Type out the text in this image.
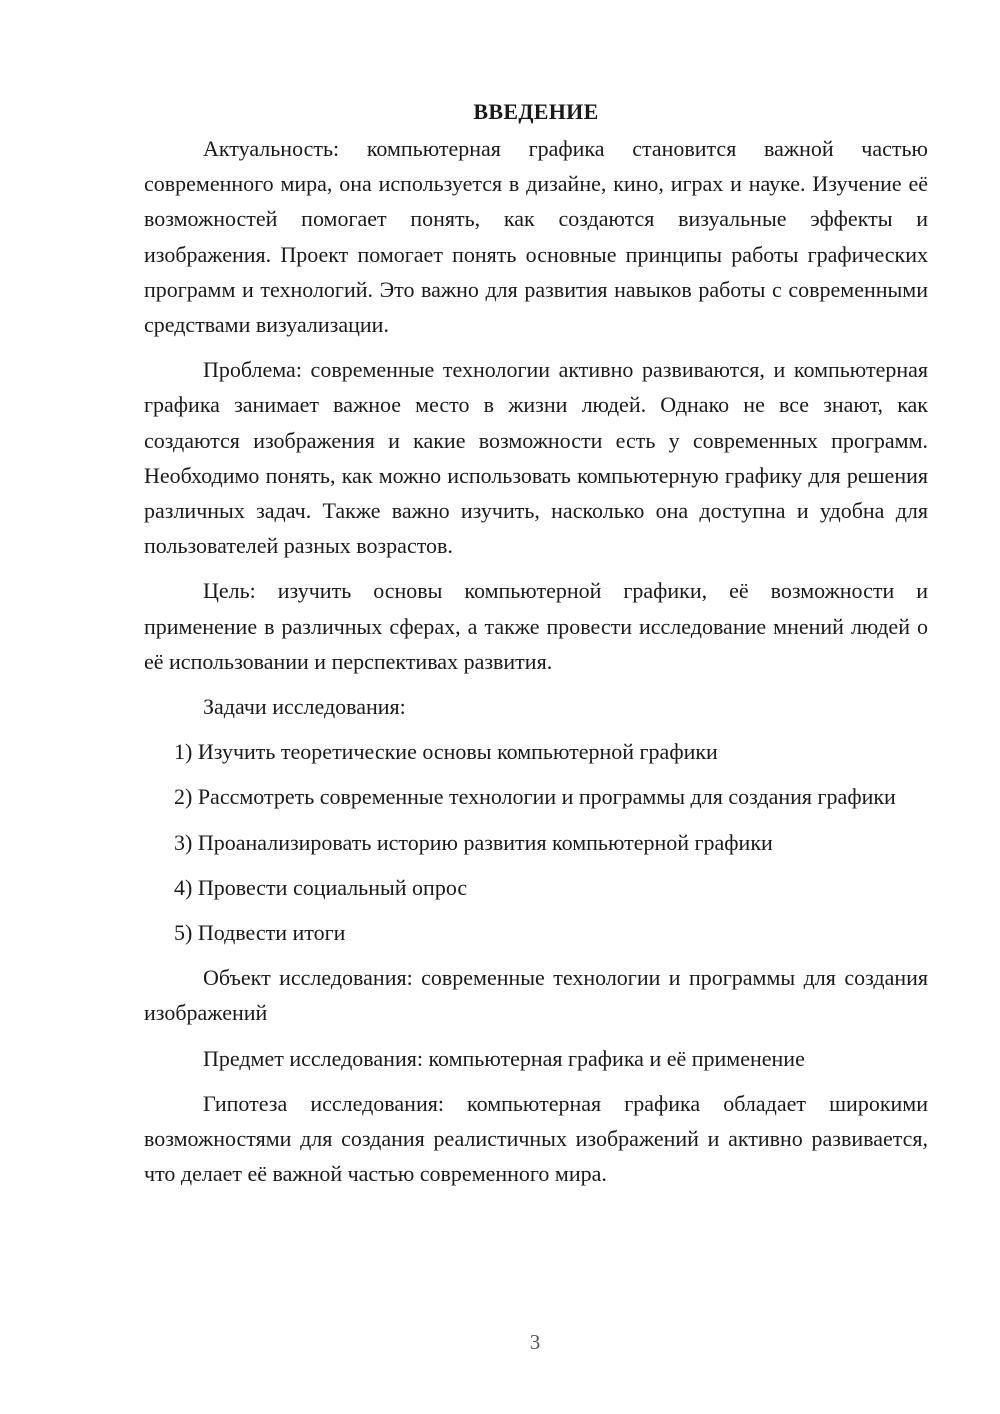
ВВЕДЕНИЕ

Актуальность: компьютерная графика становится важной частью современного мира, она используется в дизайне, кино, играх и науке. Изучение её возможностей помогает понять, как создаются визуальные эффекты и изображения. Проект помогает понять основные принципы работы графических программ и технологий. Это важно для развития навыков работы с современными средствами визуализации.

Проблема: современные технологии активно развиваются, и компьютерная графика занимает важное место в жизни людей. Однако не все знают, как создаются изображения и какие возможности есть у современных программ. Необходимо понять, как можно использовать компьютерную графику для решения различных задач. Также важно изучить, насколько она доступна и удобна для пользователей разных возрастов.

Цель: изучить основы компьютерной графики, её возможности и применение в различных сферах, а также провести исследование мнений людей о её использовании и перспективах развития.

Задачи исследования:

1) Изучить теоретические основы компьютерной графики

2) Рассмотреть современные технологии и программы для создания графики

3) Проанализировать историю развития компьютерной графики

4) Провести социальный опрос

5) Подвести итоги

Объект исследования: современные технологии и программы для создания изображений

Предмет исследования: компьютерная графика и её применение

Гипотеза исследования: компьютерная графика обладает широкими возможностями для создания реалистичных изображений и активно развивается, что делает её важной частью современного мира.

3
